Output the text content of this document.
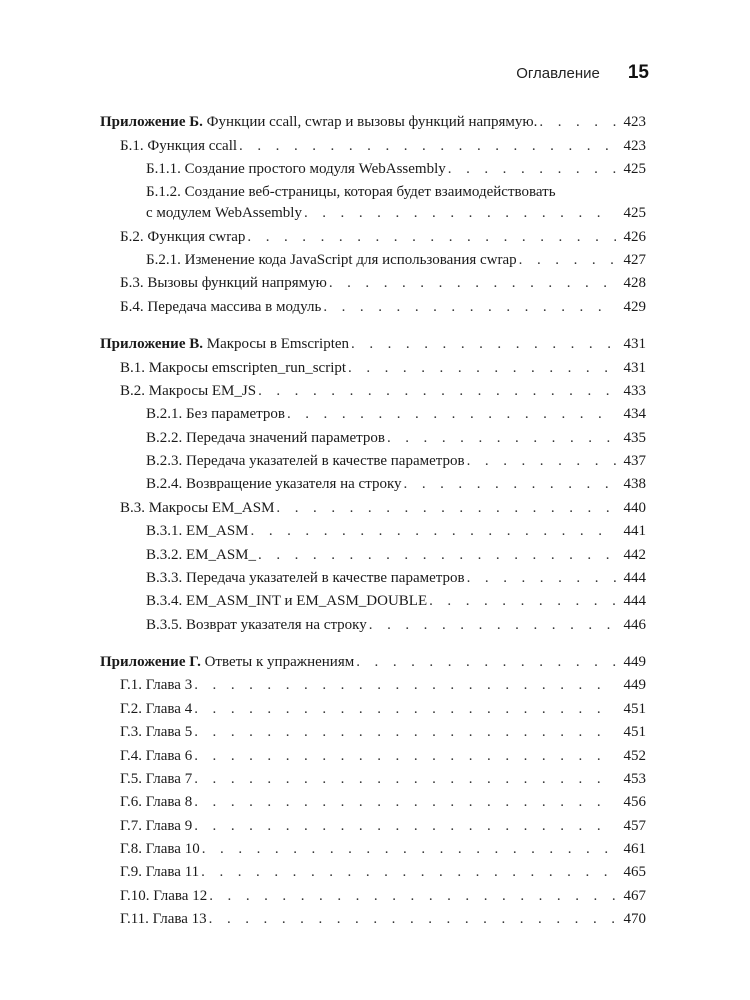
Оглавление 15
Приложение Б. Функции ccall, cwrap и вызовы функций напрямую. . . .	423
Б.1. Функция ccall . . .	423
Б.1.1. Создание простого модуля WebAssembly . . .	425
Б.1.2. Создание веб-страницы, которая будет взаимодействовать
с модулем WebAssembly . . .	425
Б.2. Функция cwrap . . .	426
Б.2.1. Изменение кода JavaScript для использования cwrap . . .	427
Б.3. Вызовы функций напрямую . . .	428
Б.4. Передача массива в модуль . . .	429
Приложение В. Макросы в Emscripten . . .	431
В.1. Макросы emscripten_run_script . . .	431
В.2. Макросы EM_JS . . .	433
В.2.1. Без параметров . . .	434
В.2.2. Передача значений параметров . . .	435
В.2.3. Передача указателей в качестве параметров . . .	437
В.2.4. Возвращение указателя на строку . . .	438
В.3. Макросы EM_ASM . . .	440
В.3.1. EM_ASM . . .	441
В.3.2. EM_ASM_ . . .	442
В.3.3. Передача указателей в качестве параметров . . .	444
В.3.4. EM_ASM_INT и EM_ASM_DOUBLE . . .	444
В.3.5. Возврат указателя на строку . . .	446
Приложение Г. Ответы к упражнениям . . .	449
Г.1. Глава 3 . . .	449
Г.2. Глава 4 . . .	451
Г.3. Глава 5 . . .	451
Г.4. Глава 6 . . .	452
Г.5. Глава 7 . . .	453
Г.6. Глава 8 . . .	456
Г.7. Глава 9 . . .	457
Г.8. Глава 10 . . .	461
Г.9. Глава 11 . . .	465
Г.10. Глава 12 . . .	467
Г.11. Глава 13 . . .	470
